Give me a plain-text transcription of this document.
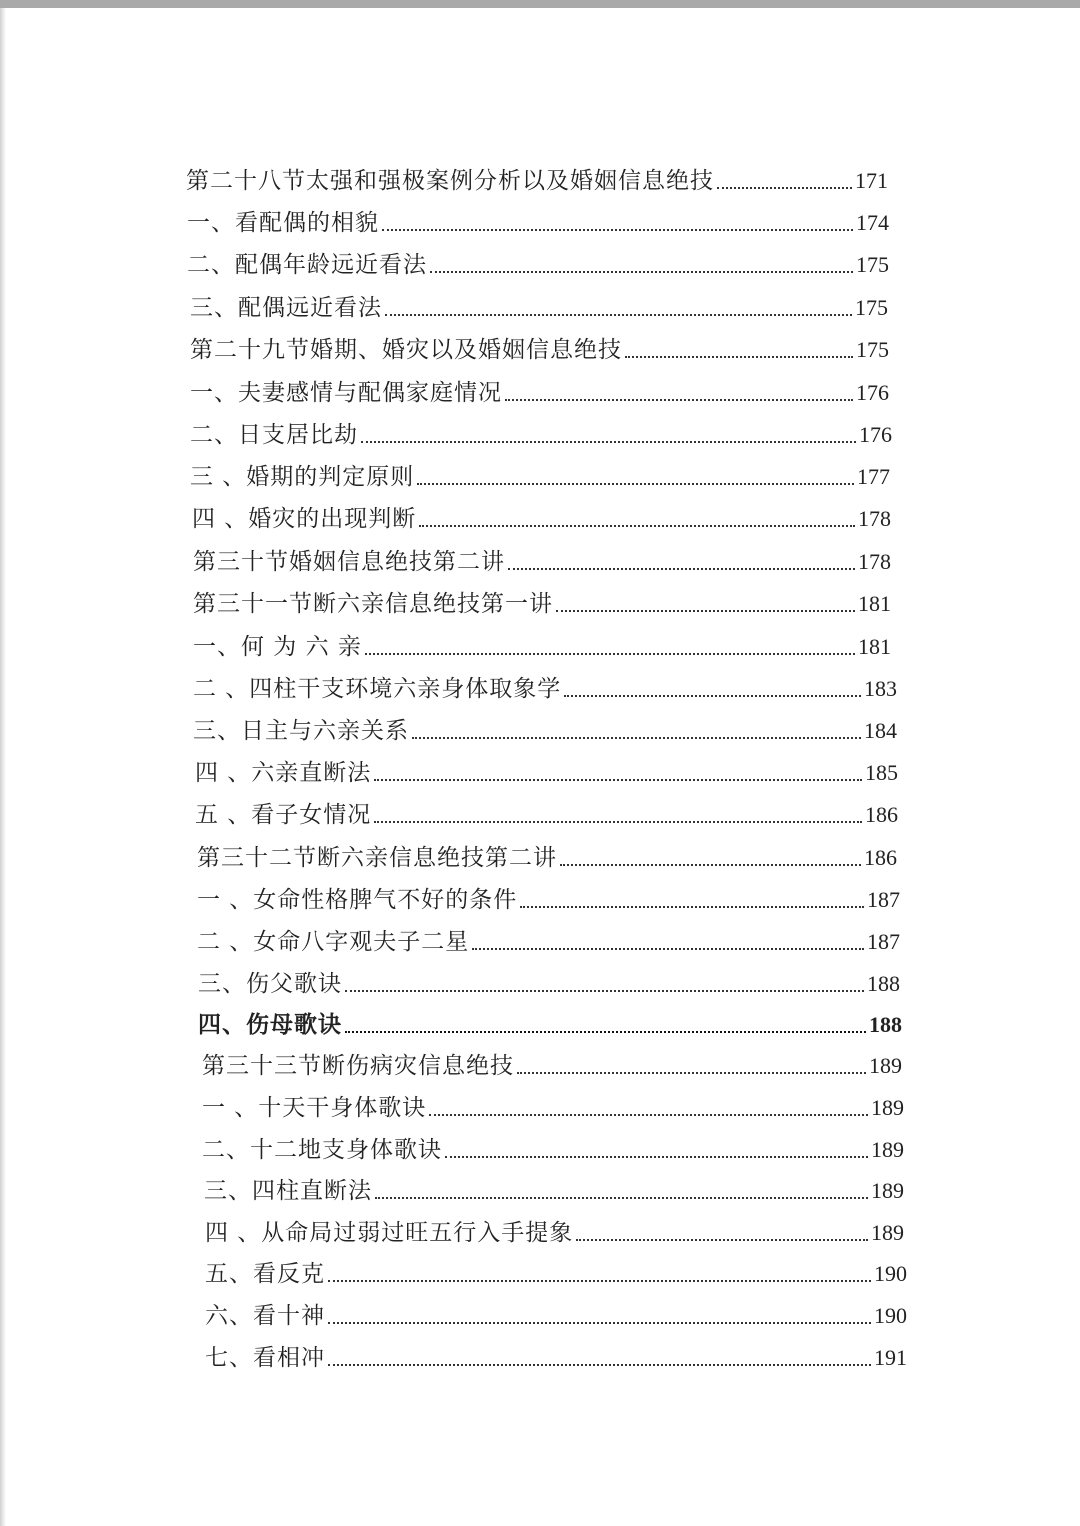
第二十八节太强和强极案例分析以及婚姻信息绝技	171
一、看配偶的相貌	174
二、配偶年龄远近看法	175
三、配偶远近看法	175
第二十九节婚期、婚灾以及婚姻信息绝技	175
一、夫妻感情与配偶家庭情况	176
二、日支居比劫	176
三 、婚期的判定原则	177
四 、婚灾的出现判断	178
第三十节婚姻信息绝技第二讲	178
第三十一节断六亲信息绝技第一讲	181
一、何 为 六 亲	181
二 、四柱干支环境六亲身体取象学	183
三、日主与六亲关系	184
四 、六亲直断法	185
五 、看子女情况	186
第三十二节断六亲信息绝技第二讲	186
一 、女命性格脾气不好的条件	187
二 、女命八字观夫子二星	187
三、伤父歌诀	188
四、伤母歌诀	188
第三十三节断伤病灾信息绝技	189
一 、十天干身体歌诀	189
二、十二地支身体歌诀	189
三、四柱直断法	189
四 、从命局过弱过旺五行入手提象	189
五、看反克	190
六、看十神	190
七、看相冲	191
